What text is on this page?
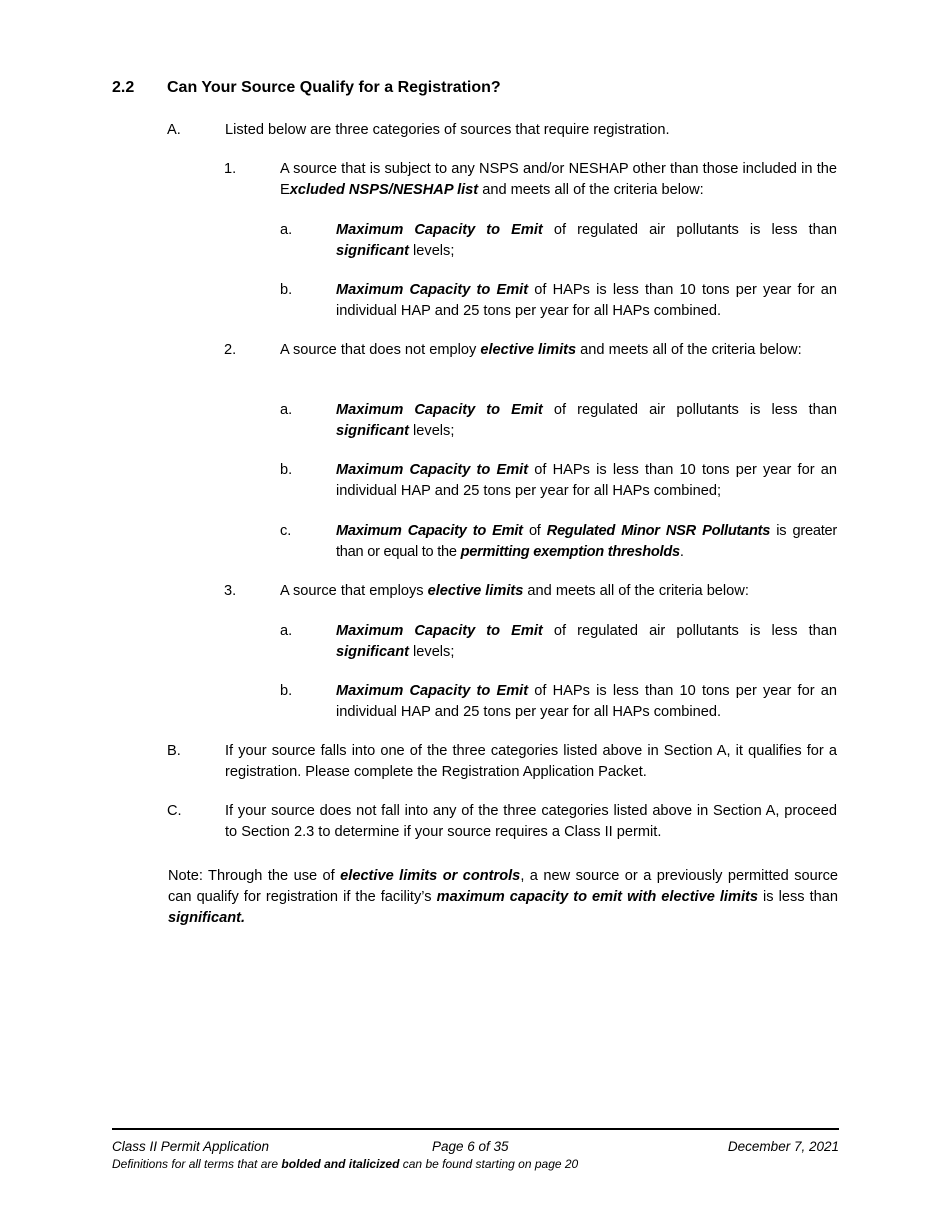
2.2 Can Your Source Qualify for a Registration?
A.	Listed below are three categories of sources that require registration.
1.	A source that is subject to any NSPS and/or NESHAP other than those included in the Excluded NSPS/NESHAP list and meets all of the criteria below:
a.	Maximum Capacity to Emit of regulated air pollutants is less than significant levels;
b.	Maximum Capacity to Emit of HAPs is less than 10 tons per year for an individual HAP and 25 tons per year for all HAPs combined.
2.	A source that does not employ elective limits and meets all of the criteria below:
a.	Maximum Capacity to Emit of regulated air pollutants is less than significant levels;
b.	Maximum Capacity to Emit of HAPs is less than 10 tons per year for an individual HAP and 25 tons per year for all HAPs combined;
c.	Maximum Capacity to Emit of Regulated Minor NSR Pollutants is greater than or equal to the permitting exemption thresholds.
3.	A source that employs elective limits and meets all of the criteria below:
a.	Maximum Capacity to Emit of regulated air pollutants is less than significant levels;
b.	Maximum Capacity to Emit of HAPs is less than 10 tons per year for an individual HAP and 25 tons per year for all HAPs combined.
B.	If your source falls into one of the three categories listed above in Section A, it qualifies for a registration. Please complete the Registration Application Packet.
C.	If your source does not fall into any of the three categories listed above in Section A, proceed to Section 2.3 to determine if your source requires a Class II permit.
Note: Through the use of elective limits or controls, a new source or a previously permitted source can qualify for registration if the facility’s maximum capacity to emit with elective limits is less than significant.
Class II Permit Application	Page 6 of 35	December 7, 2021
Definitions for all terms that are bolded and italicized can be found starting on page 20
